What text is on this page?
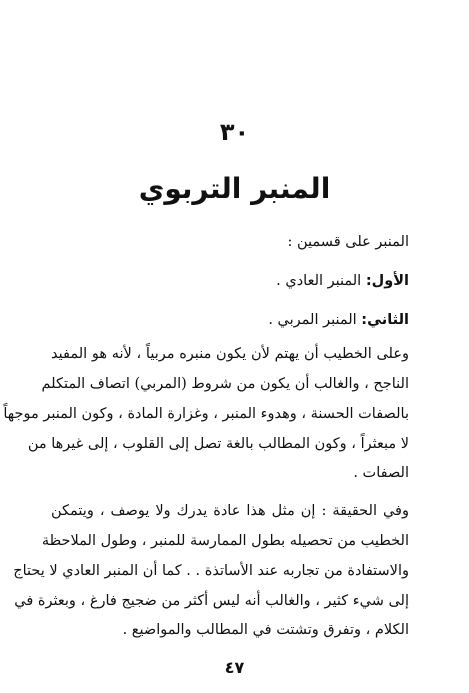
٣٠
المنبر التربوي
المنبر على قسمين :
الأول: المنبر العادي .
الثاني: المنبر المربي .
وعلى الخطيب أن يهتم لأن يكون منبره مربياً ، لأنه هو المفيد
الناجح ، والغالب أن يكون من شروط (المربي) اتصاف المتكلم
بالصفات الحسنة ، وهدوء المنبر ، وغزارة المادة ، وكون المنبر موجهاً
لا مبعثراً ، وكون المطالب بالغة تصل إلى القلوب ، إلى غيرها من
الصفات .
وفي الحقيقة : إن مثل هذا عادة يدرك ولا يوصف ، ويتمكن
الخطيب من تحصيله بطول الممارسة للمنبر ، وطول الملاحظة
والاستفادة من تجاربه عند الأساتذة . . كما أن المنبر العادي لا يحتاج
إلى شيء كثير ، والغالب أنه ليس أكثر من ضجيج فارغ ، وبعثرة في
الكلام ، وتفرق وتشتت في المطالب والمواضيع .
٤٧
